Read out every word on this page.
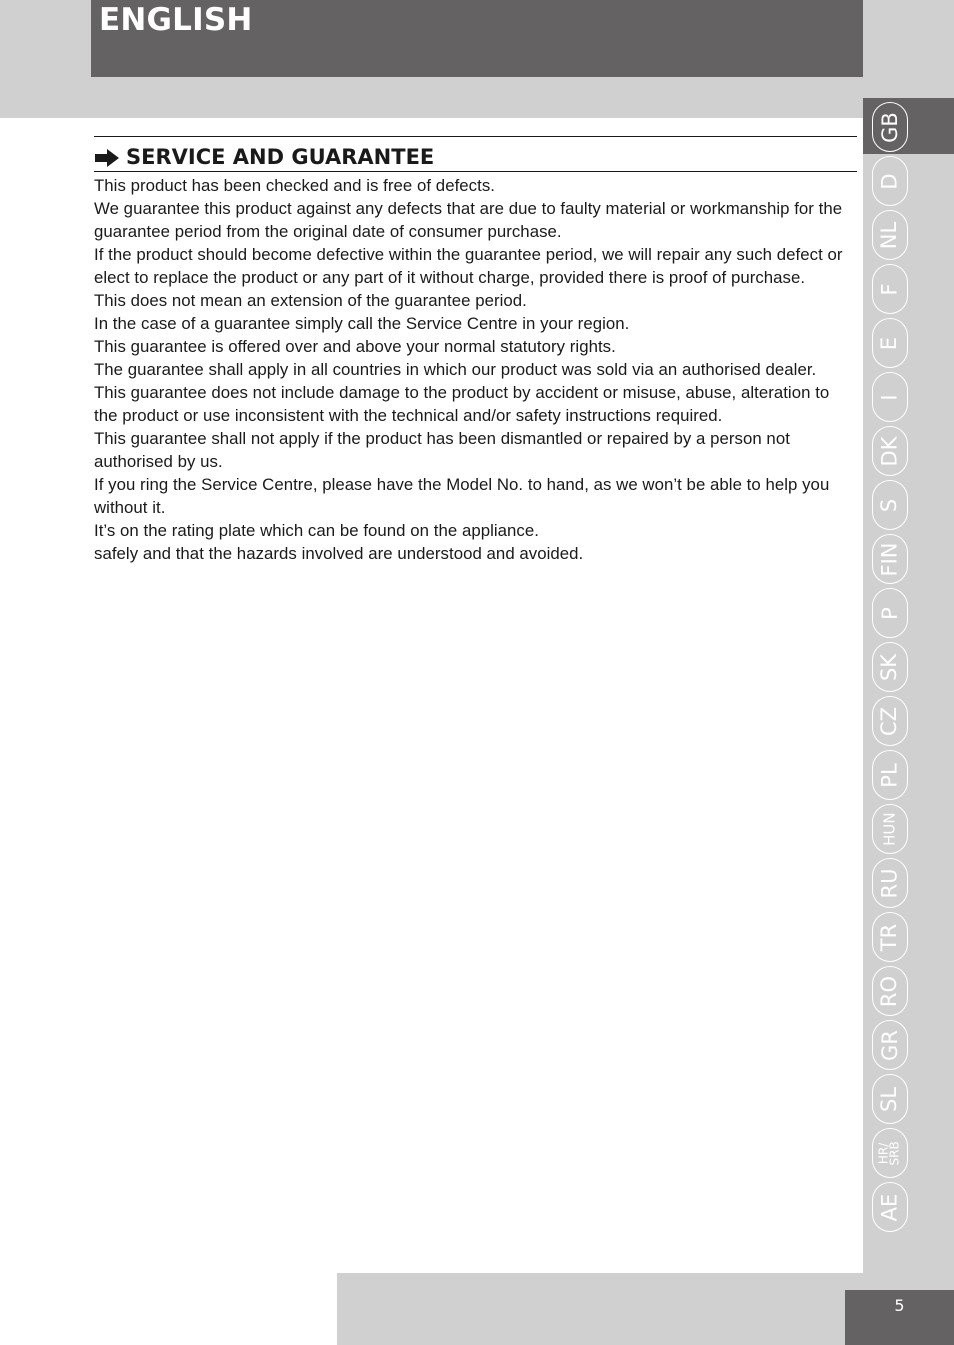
ENGLISH
GB
D
NL
F
E
I
DK
S
FIN
P
SK
CZ
PL
HUN
RU
TR
RO
GR
SL
HR/ SRB
AE
SERVICE AND GUARANTEE

This product has been checked and is free of defects.

We guarantee this product against any defects that are due to faulty material or workmanship for the guarantee period from the original date of consumer purchase.

If the product should become defective within the guarantee period, we will repair any such defect or elect to replace the product or any part of it without charge, provided there is proof of purchase.

This does not mean an extension of the guarantee period.

In the case of a guarantee simply call the Service Centre in your region.

This guarantee is offered over and above your normal statutory rights.

The guarantee shall apply in all countries in which our product was sold via an authorised dealer.

This guarantee does not include damage to the product by accident or misuse, abuse, alteration to the product or use inconsistent with the technical and/or safety instructions required.

This guarantee shall not apply if the product has been dismantled or repaired by a person not authorised by us.

If you ring the Service Centre, please have the Model No. to hand, as we won’t be able to help you without it.

It’s on the rating plate which can be found on the appliance.

safely and that the hazards involved are understood and avoided.

5
